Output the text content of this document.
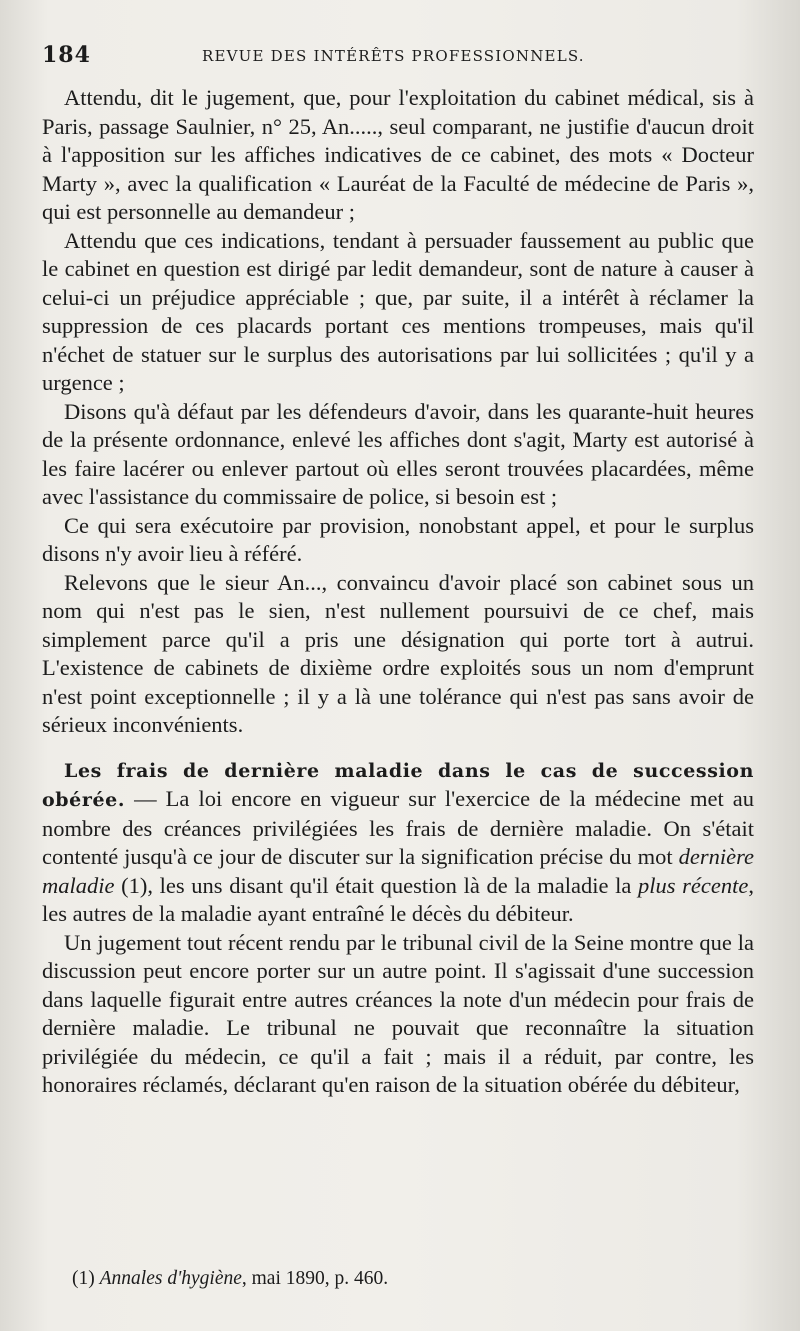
184	REVUE DES INTÉRÊTS PROFESSIONNELS.

Attendu, dit le jugement, que, pour l'exploitation du cabinet médical, sis à Paris, passage Saulnier, n° 25, An....., seul comparant, ne justifie d'aucun droit à l'apposition sur les affiches indicatives de ce cabinet, des mots « Docteur Marty », avec la qualification « Lauréat de la Faculté de médecine de Paris », qui est personnelle au demandeur ;

Attendu que ces indications, tendant à persuader faussement au public que le cabinet en question est dirigé par ledit demandeur, sont de nature à causer à celui-ci un préjudice appréciable ; que, par suite, il a intérêt à réclamer la suppression de ces placards portant ces mentions trompeuses, mais qu'il n'échet de statuer sur le surplus des autorisations par lui sollicitées ; qu'il y a urgence ;

Disons qu'à défaut par les défendeurs d'avoir, dans les quarante-huit heures de la présente ordonnance, enlevé les affiches dont s'agit, Marty est autorisé à les faire lacérer ou enlever partout où elles seront trouvées placardées, même avec l'assistance du commissaire de police, si besoin est ;

Ce qui sera exécutoire par provision, nonobstant appel, et pour le surplus disons n'y avoir lieu à référé.

Relevons que le sieur An..., convaincu d'avoir placé son cabinet sous un nom qui n'est pas le sien, n'est nullement poursuivi de ce chef, mais simplement parce qu'il a pris une désignation qui porte tort à autrui. L'existence de cabinets de dixième ordre exploités sous un nom d'emprunt n'est point exceptionnelle ; il y a là une tolérance qui n'est pas sans avoir de sérieux inconvénients.

Les frais de dernière maladie dans le cas de succession obérée. — La loi encore en vigueur sur l'exercice de la médecine met au nombre des créances privilégiées les frais de dernière maladie. On s'était contenté jusqu'à ce jour de discuter sur la signification précise du mot dernière maladie (1), les uns disant qu'il était question là de la maladie la plus récente, les autres de la maladie ayant entraîné le décès du débiteur.

Un jugement tout récent rendu par le tribunal civil de la Seine montre que la discussion peut encore porter sur un autre point. Il s'agissait d'une succession dans laquelle figurait entre autres créances la note d'un médecin pour frais de dernière maladie. Le tribunal ne pouvait que reconnaître la situation privilégiée du médecin, ce qu'il a fait ; mais il a réduit, par contre, les honoraires réclamés, déclarant qu'en raison de la situation obérée du débiteur,

(1) Annales d'hygiène, mai 1890, p. 460.
